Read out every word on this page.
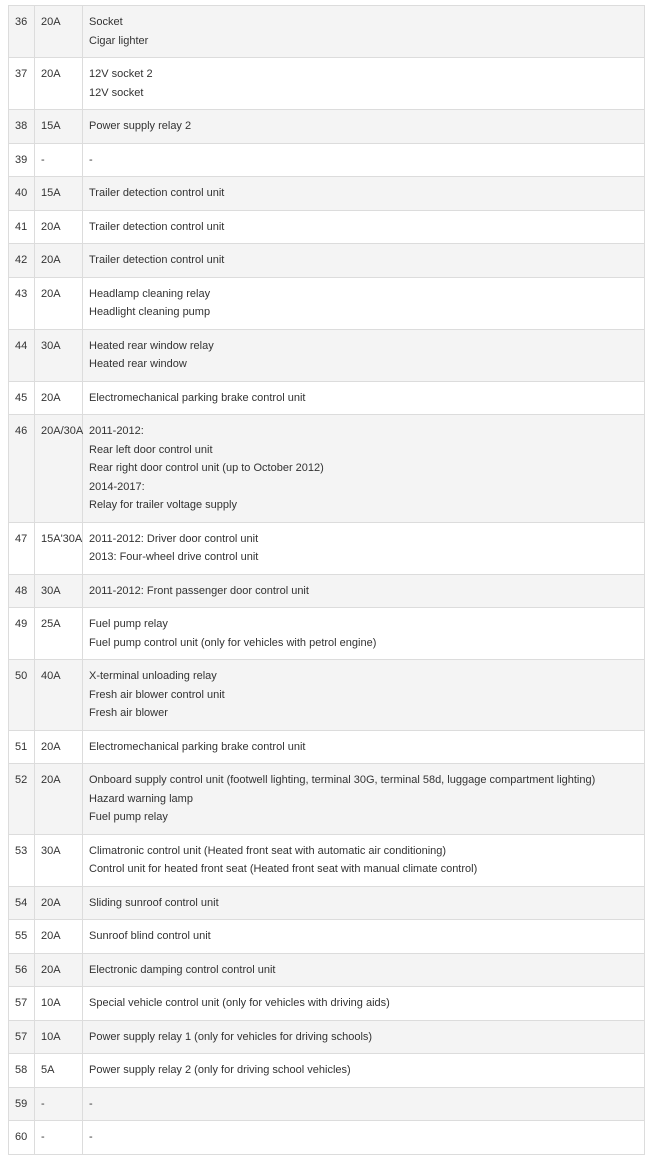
36	20A	Socket
Cigar lighter

37	20A	12V socket 2
12V socket

38	15A	Power supply relay 2

39	-	-

40	15A	Trailer detection control unit

41	20A	Trailer detection control unit

42	20A	Trailer detection control unit

43	20A	Headlamp cleaning relay
Headlight cleaning pump

44	30A	Heated rear window relay
Heated rear window

45	20A	Electromechanical parking brake control unit

46	20A/30A	2011-2012:
Rear left door control unit
Rear right door control unit (up to October 2012)
2014-2017:
Relay for trailer voltage supply

47	15A'30A	2011-2012: Driver door control unit
2013: Four-wheel drive control unit

48	30A	2011-2012: Front passenger door control unit

49	25A	Fuel pump relay
Fuel pump control unit (only for vehicles with petrol engine)

50	40A	X-terminal unloading relay
Fresh air blower control unit
Fresh air blower

51	20A	Electromechanical parking brake control unit

52	20A	Onboard supply control unit (footwell lighting, terminal 30G, terminal 58d, luggage compartment lighting)
Hazard warning lamp
Fuel pump relay

53	30A	Climatronic control unit (Heated front seat with automatic air conditioning)
Control unit for heated front seat (Heated front seat with manual climate control)

54	20A	Sliding sunroof control unit

55	20A	Sunroof blind control unit

56	20A	Electronic damping control control unit

57	10A	Special vehicle control unit (only for vehicles with driving aids)

57	10A	Power supply relay 1 (only for vehicles for driving schools)

58	5A	Power supply relay 2 (only for driving school vehicles)

59	-	-

60	-	-
